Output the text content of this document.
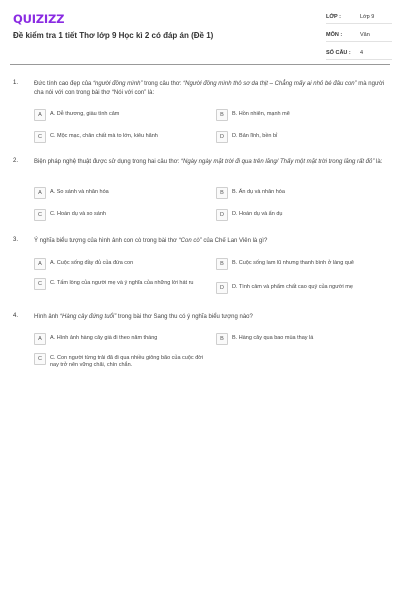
QUIZIZZ
Đề kiểm tra 1 tiết Thơ lớp 9 Học kì 2 có đáp án (Đề 1)
LỚP :	Lớp 9
MÔN :	Văn
SỐ CÂU :	4
1.	Đức tính cao đẹp của “người đồng mình” trong câu thơ: “Người đồng mình thô sơ da thịt – Chẳng mấy ai nhỏ bé đâu con” mà người cha nói với con trong bài thơ “Nói với con” là:
A A. Dễ thương, giàu tình cảm	B B. Hồn nhiên, mạnh mẽ
C C. Mộc mạc, chân chất mà to lớn, kiêu hãnh	D D. Bản lĩnh, bền bỉ
2.	Biện pháp nghệ thuật được sử dụng trong hai câu thơ: “Ngày ngày mặt trời đi qua trên lăng/ Thấy một mặt trời trong lăng rất đỏ” là:
A A. So sánh và nhân hóa	B B. Ẩn dụ và nhân hóa
C C. Hoán dụ và so sánh	D D. Hoán dụ và ẩn dụ
3.	Ý nghĩa biểu tượng của hình ảnh con cò trong bài thơ “Con cò” của Chế Lan Viên là gì?
A A. Cuộc sống đầy đủ của đứa con	B B. Cuộc sống lam lũ nhưng thanh bình ở làng quê
C C. Tấm lòng của người mẹ và ý nghĩa của những lời hát ru
D D. Tình cảm và phẩm chất cao quý của người mẹ
4.	Hình ảnh “Hàng cây đứng tuổi” trong bài thơ Sang thu có ý nghĩa biểu tượng nào?
A A. Hình ảnh hàng cây già đi theo năm tháng	B B. Hàng cây qua bao mùa thay lá
C C. Con người từng trải đã đi qua nhiều giông bão của cuộc đời nay trở nên vững chãi, chín chắn.
